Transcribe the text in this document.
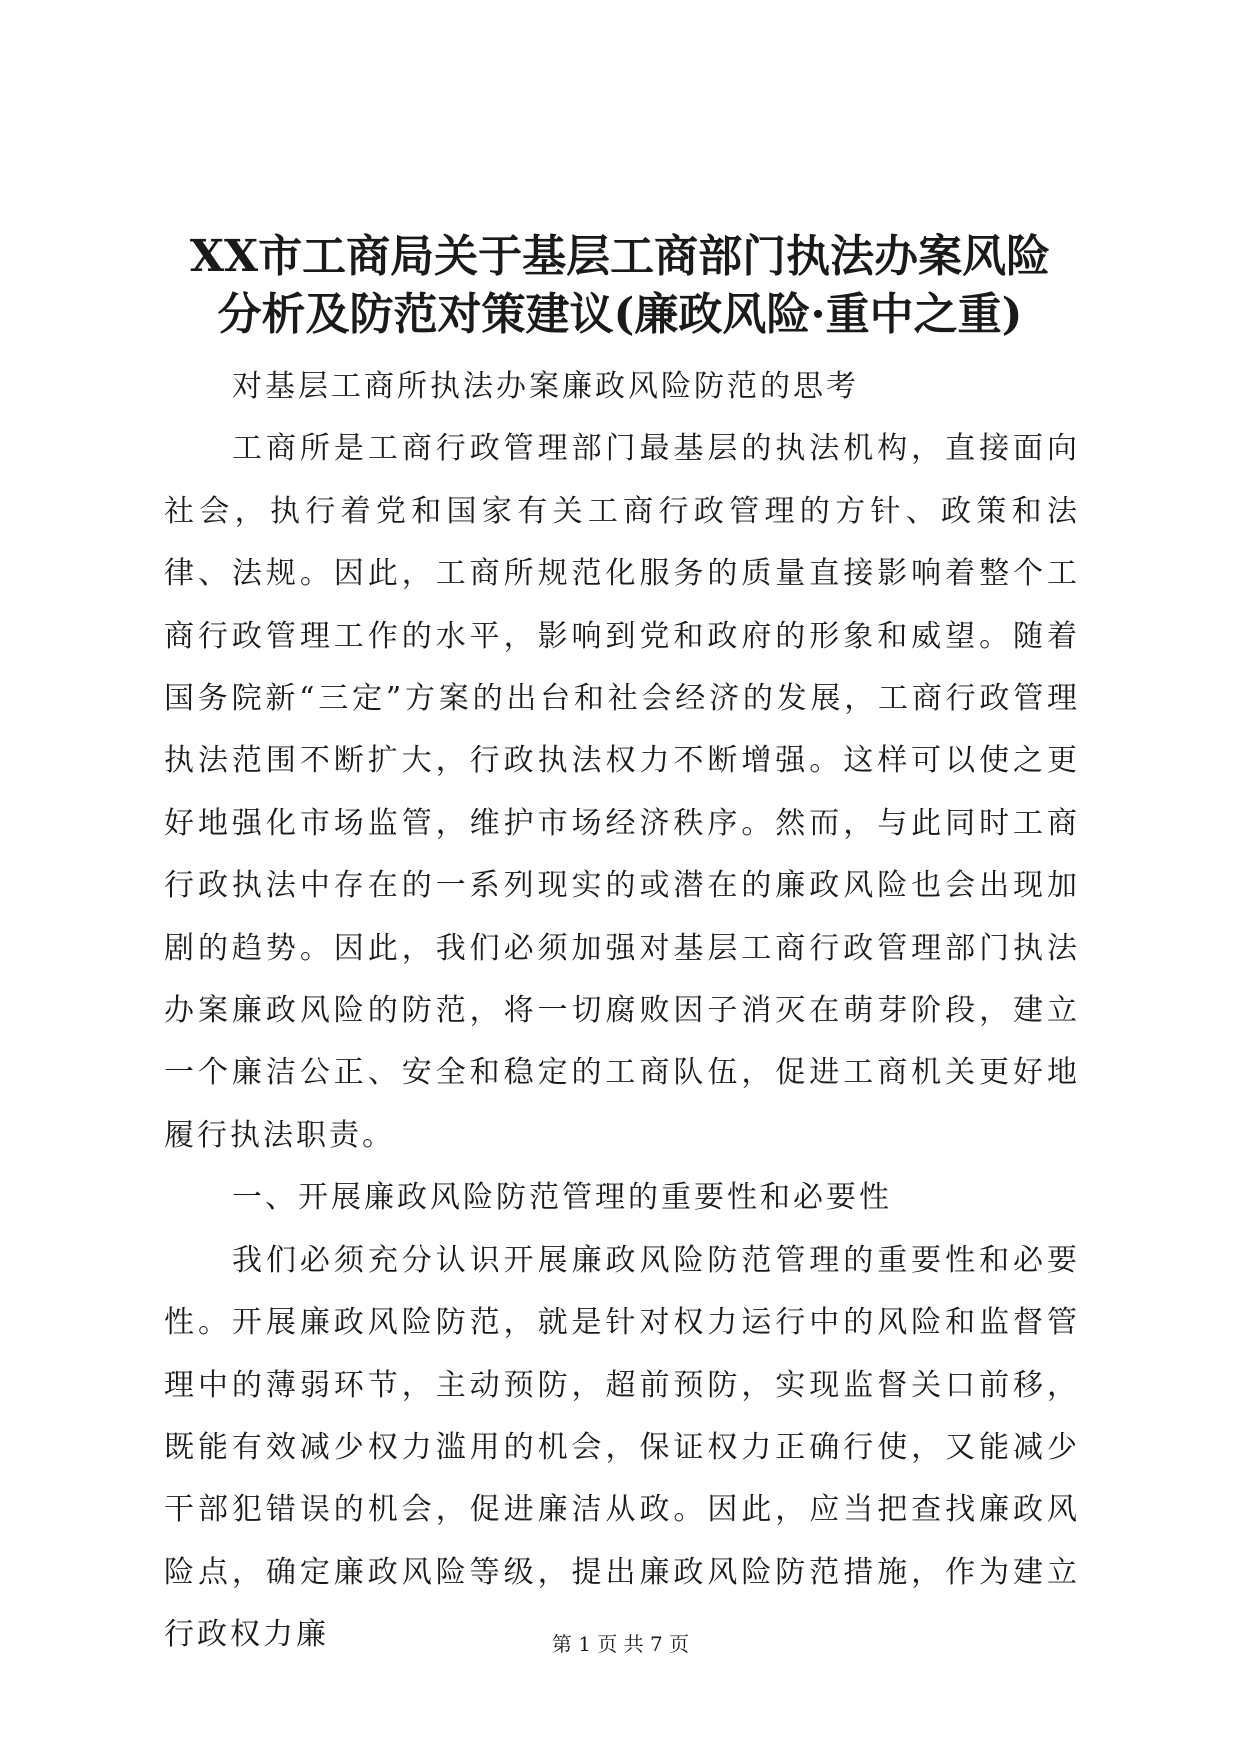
XX市工商局关于基层工商部门执法办案风险
分析及防范对策建议(廉政风险·重中之重)

对基层工商所执法办案廉政风险防范的思考

工商所是工商行政管理部门最基层的执法机构，直接面向社会，执行着党和国家有关工商行政管理的方针、政策和法律、法规。因此，工商所规范化服务的质量直接影响着整个工商行政管理工作的水平，影响到党和政府的形象和威望。随着国务院新“三定”方案的出台和社会经济的发展，工商行政管理执法范围不断扩大，行政执法权力不断增强。这样可以使之更好地强化市场监管，维护市场经济秩序。然而，与此同时工商行政执法中存在的一系列现实的或潜在的廉政风险也会出现加剧的趋势。因此，我们必须加强对基层工商行政管理部门执法办案廉政风险的防范，将一切腐败因子消灭在萌芽阶段，建立一个廉洁公正、安全和稳定的工商队伍，促进工商机关更好地履行执法职责。

一、开展廉政风险防范管理的重要性和必要性

我们必须充分认识开展廉政风险防范管理的重要性和必要性。开展廉政风险防范，就是针对权力运行中的风险和监督管理中的薄弱环节，主动预防，超前预防，实现监督关口前移，既能有效减少权力滥用的机会，保证权力正确行使，又能减少干部犯错误的机会，促进廉洁从政。因此，应当把查找廉政风险点，确定廉政风险等级，提出廉政风险防范措施，作为建立行政权力廉	第 1 页 共 7 页
